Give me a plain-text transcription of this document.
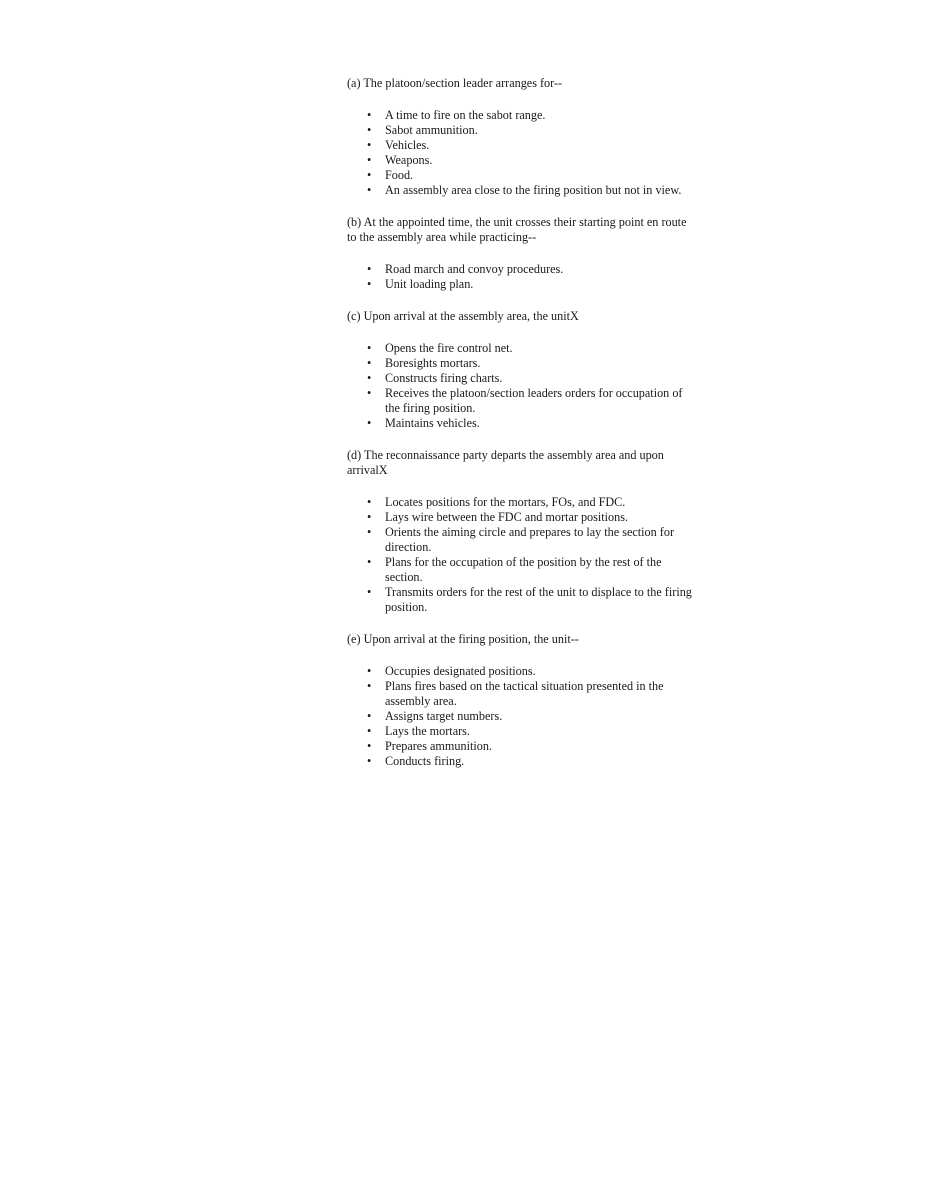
(a) The platoon/section leader arranges for--

• A time to fire on the sabot range.
• Sabot ammunition.
• Vehicles.
• Weapons.
• Food.
• An assembly area close to the firing position but not in view.

(b) At the appointed time, the unit crosses their starting point en route to the assembly area while practicing--

• Road march and convoy procedures.
• Unit loading plan.

(c) Upon arrival at the assembly area, the unitX

• Opens the fire control net.
• Boresights mortars.
• Constructs firing charts.
• Receives the platoon/section leaders orders for occupation of the firing position.
• Maintains vehicles.

(d) The reconnaissance party departs the assembly area and upon arrivalX

• Locates positions for the mortars, FOs, and FDC.
• Lays wire between the FDC and mortar positions.
• Orients the aiming circle and prepares to lay the section for direction.
• Plans for the occupation of the position by the rest of the section.
• Transmits orders for the rest of the unit to displace to the firing position.

(e) Upon arrival at the firing position, the unit--

• Occupies designated positions.
• Plans fires based on the tactical situation presented in the assembly area.
• Assigns target numbers.
• Lays the mortars.
• Prepares ammunition.
• Conducts firing.
